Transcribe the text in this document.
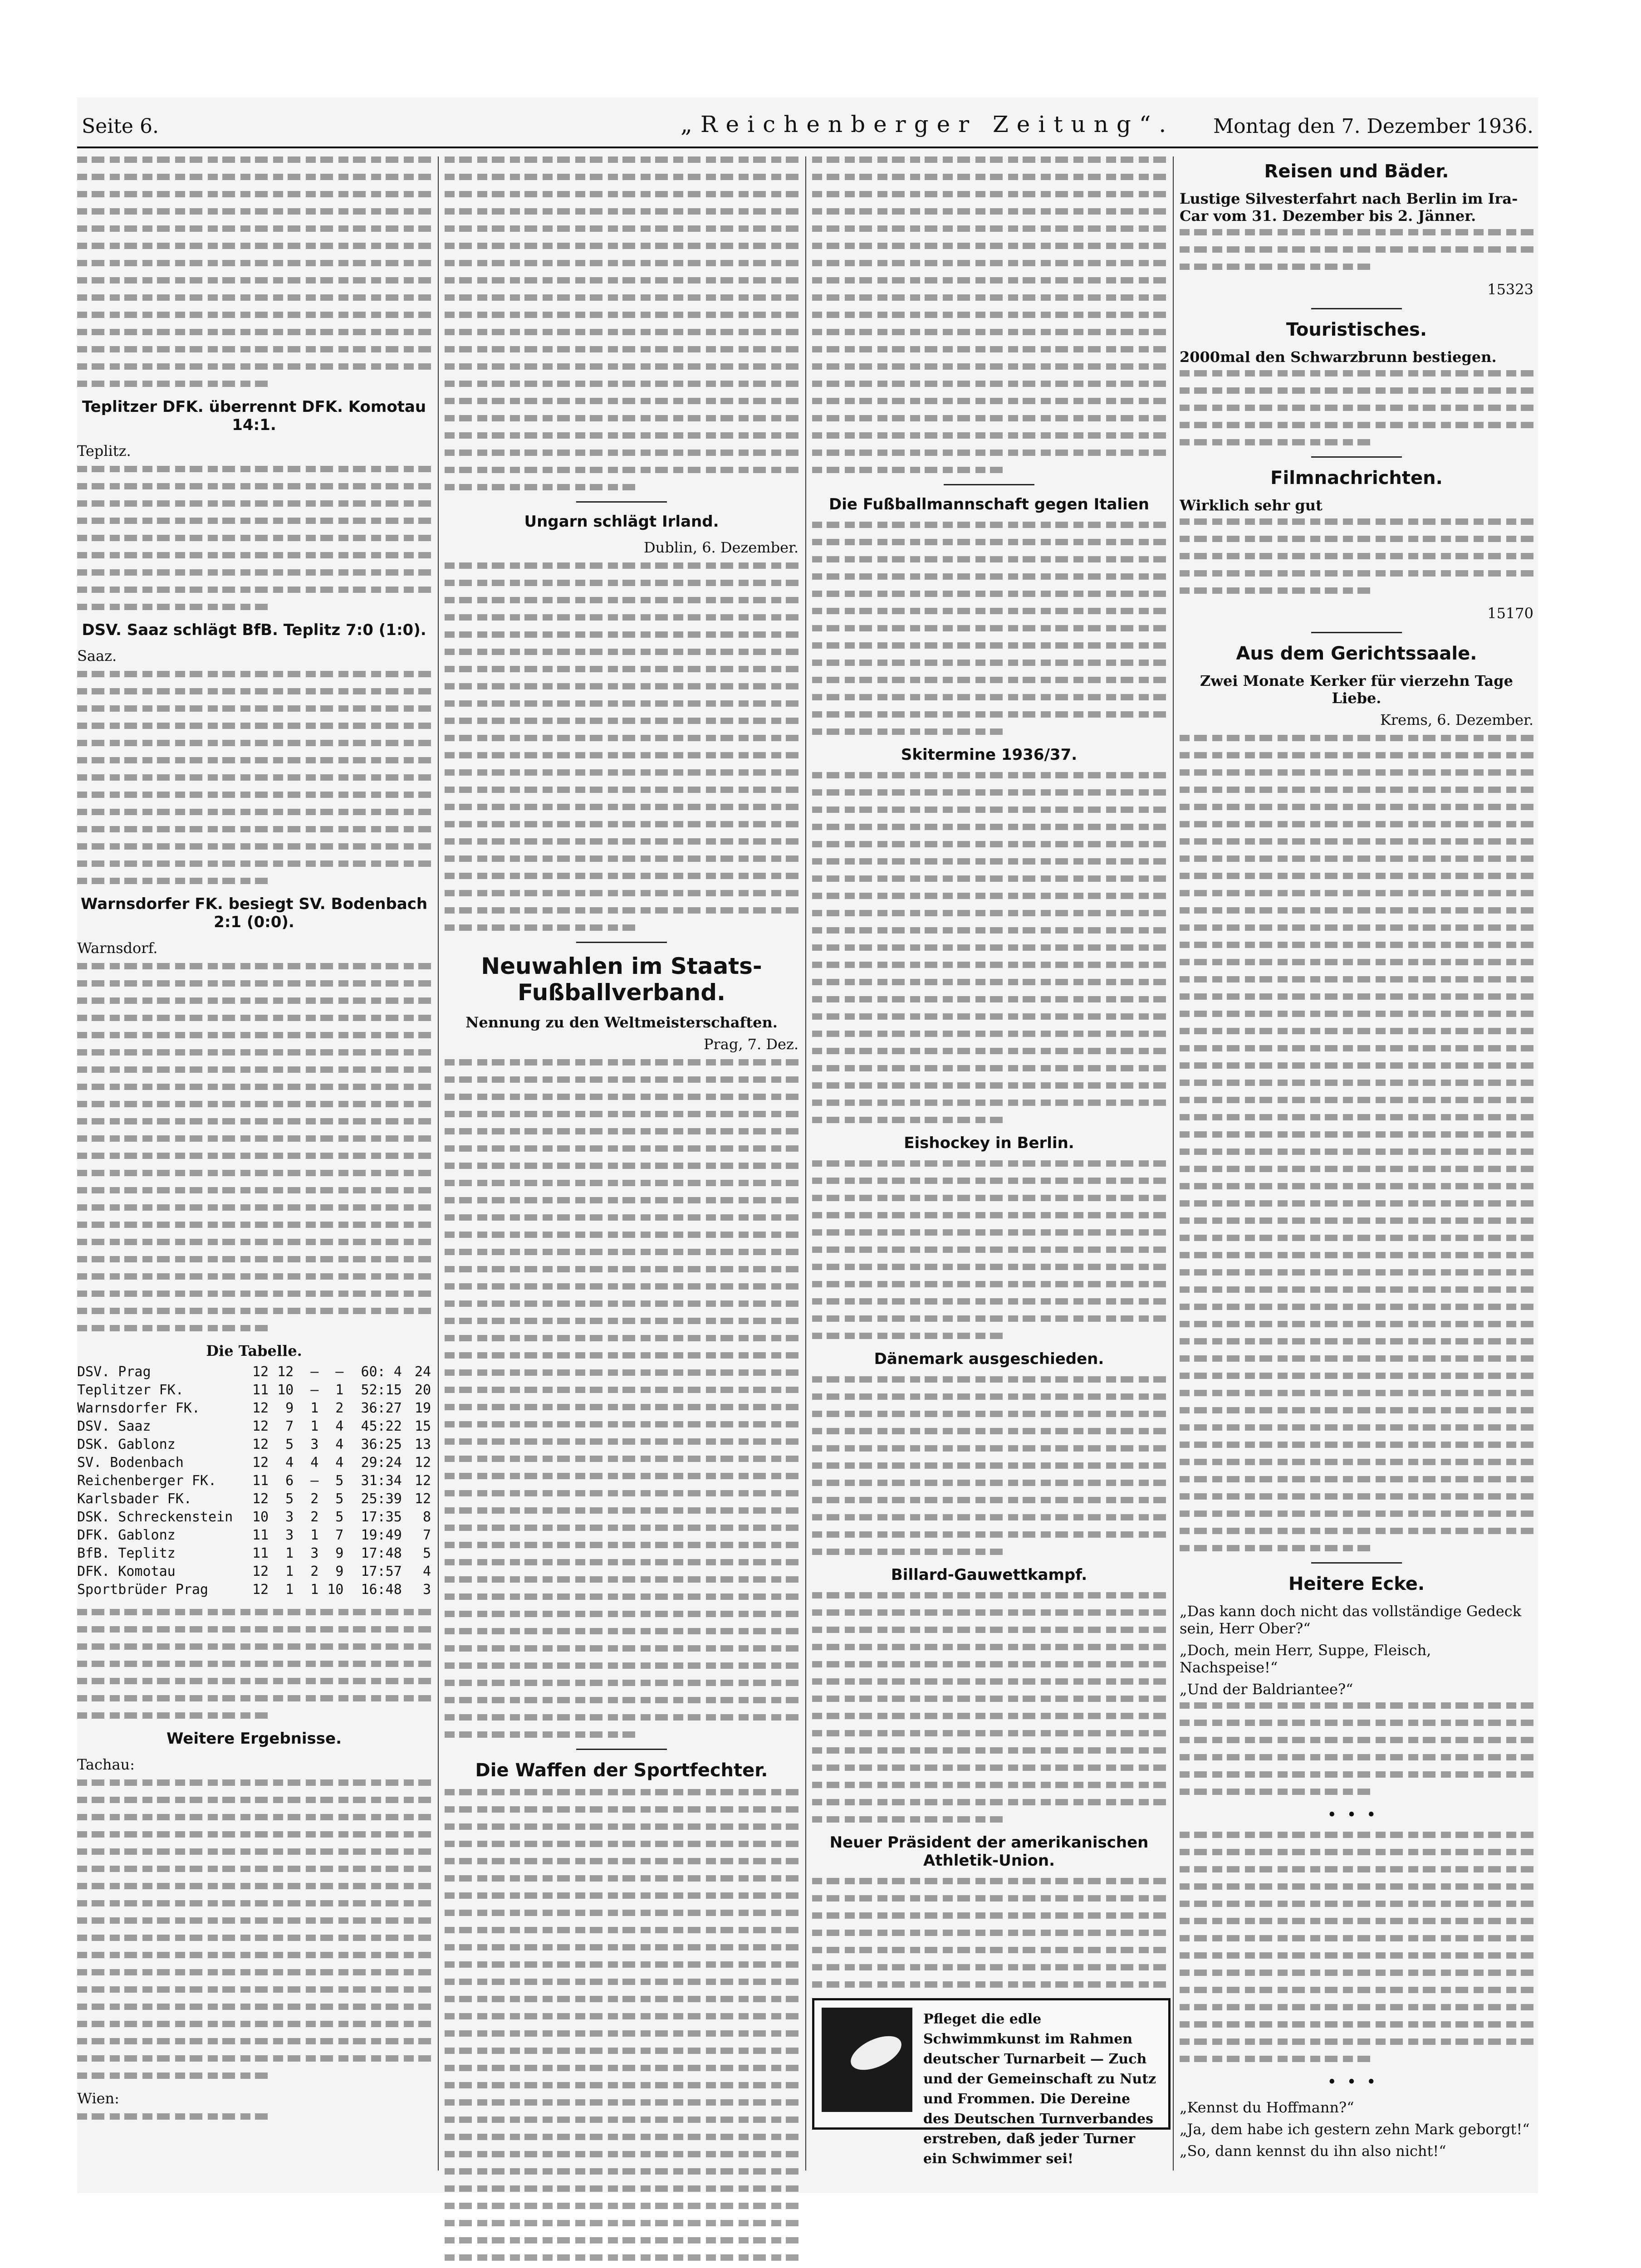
Seite 6.	„Reichenberger Zeitung“. Montag den 7. Dezember 1936.
Teplitzer DFK. überrennt DFK. Komotau 14:1.
Teplitz.
DSV. Saaz schlägt BfB. Teplitz 7:0 (1:0).
Saaz.
Warnsdorfer FK. besiegt SV. Bodenbach 2:1 (0:0).
Warnsdorf.
Die Tabelle.
DSV. Prag	12 12	—	—	60: 4 24
Teplitzer FK.	11 10	—	1	52:15 20
Warnsdorfer FK.	12	9	1	2	36:27 19
DSV. Saaz	12	7	1	4	45:22 15
DSK. Gablonz	12	5	3	4	36:25 13
SV. Bodenbach	12	4	4	4	29:24 12
Reichenberger FK.	11	6	—	5	31:34 12
Karlsbader FK.	12	5	2	5	25:39 12
DSK. Schreckenstein	10	3	2	5	17:35	8
DFK. Gablonz	11	3	1	7	19:49	7
BfB. Teplitz	11	1	3	9	17:48	5
DFK. Komotau	12	1	2	9	17:57	4
Sportbrüder Prag	12	1	1 10	16:48	3
Weitere Ergebnisse.
Tachau:
Wien:
Ungarn schlägt Irland.
Dublin, 6. Dezember.
Neuwahlen im Staats-Fußballverband.
Nennung zu den Weltmeisterschaften.
Prag, 7. Dez.
Die Waffen der Sportfechter.
Die Fußballmannschaft gegen Italien
Skitermine 1936/37.
Eishockey in Berlin.
Dänemark ausgeschieden.
Billard-Gauwettkampf.
Neuer Präsident der amerikanischen Athletik-Union.
Pfleget die edle Schwimmkunst im Rahmen deutscher Turnarbeit — Zuch und der Gemeinschaft zu Nutz und Frommen. Die Dereine des Deutschen Turnverbandes erstreben, daß jeder Turner ein Schwimmer sei!
Reisen und Bäder.
Lustige Silvesterfahrt nach Berlin im Ira-Car vom 31. Dezember bis 2. Jänner.
15323
Touristisches.
2000mal den Schwarzbrunn bestiegen.
Filmnachrichten.
Wirklich sehr gut
15170
Aus dem Gerichtssaale.
Zwei Monate Kerker für vierzehn Tage Liebe.
Krems, 6. Dezember.
Heitere Ecke.
„Das kann doch nicht das vollständige Gedeck sein, Herr Ober?“
„Doch, mein Herr, Suppe, Fleisch, Nachspeise!“
„Und der Baldriantee?“
•••
•••
„Kennst du Hoffmann?“
„Ja, dem habe ich gestern zehn Mark geborgt!“
„So, dann kennst du ihn also nicht!“
